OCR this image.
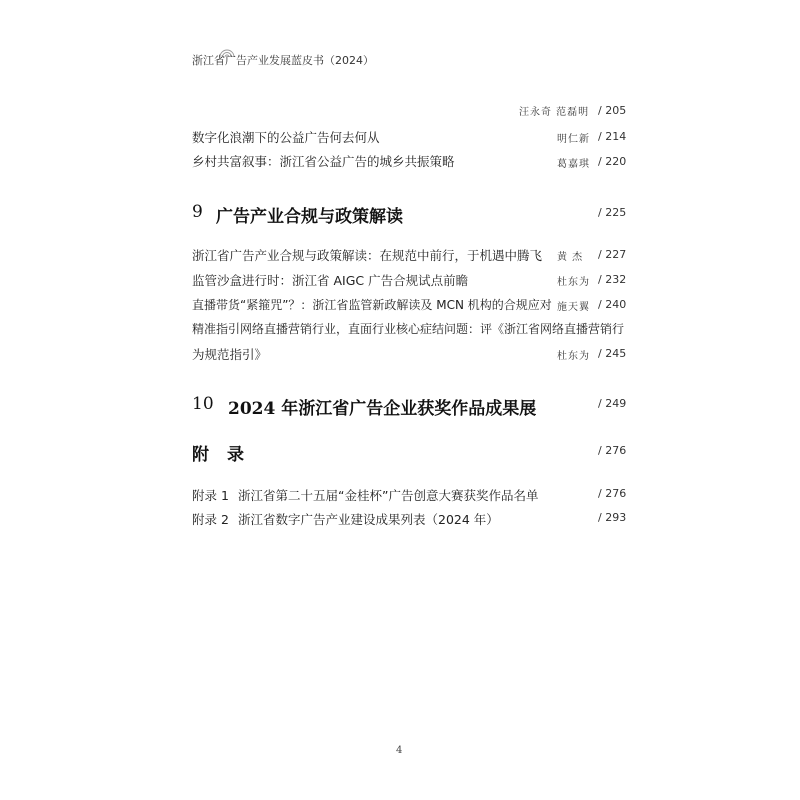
浙江省广告产业发展蓝皮书（2024）
汪永奇 范磊明 / 205
数字化浪潮下的公益广告何去何从	明仁新 / 214
乡村共富叙事：浙江省公益广告的城乡共振策略	葛嘉琪 / 220
9 广告产业合规与政策解读	/ 225
浙江省广告产业合规与政策解读：在规范中前行，于机遇中腾飞 黄 杰 / 227
监管沙盒进行时：浙江省 AIGC 广告合规试点前瞻	杜东为 / 232
直播带货“紧箍咒”？：浙江省监管新政解读及 MCN 机构的合规应对 施天翼 / 240
精准指引网络直播营销行业，直面行业核心症结问题：评《浙江省网络直播营销行
为规范指引》	杜东为 / 245
10 2024 年浙江省广告企业获奖作品成果展	/ 249
附录	/ 276
附录 1 浙江省第二十五届“金桂杯”广告创意大赛获奖作品名单	/ 276
附录 2 浙江省数字广告产业建设成果列表（2024 年）	/ 293
4
